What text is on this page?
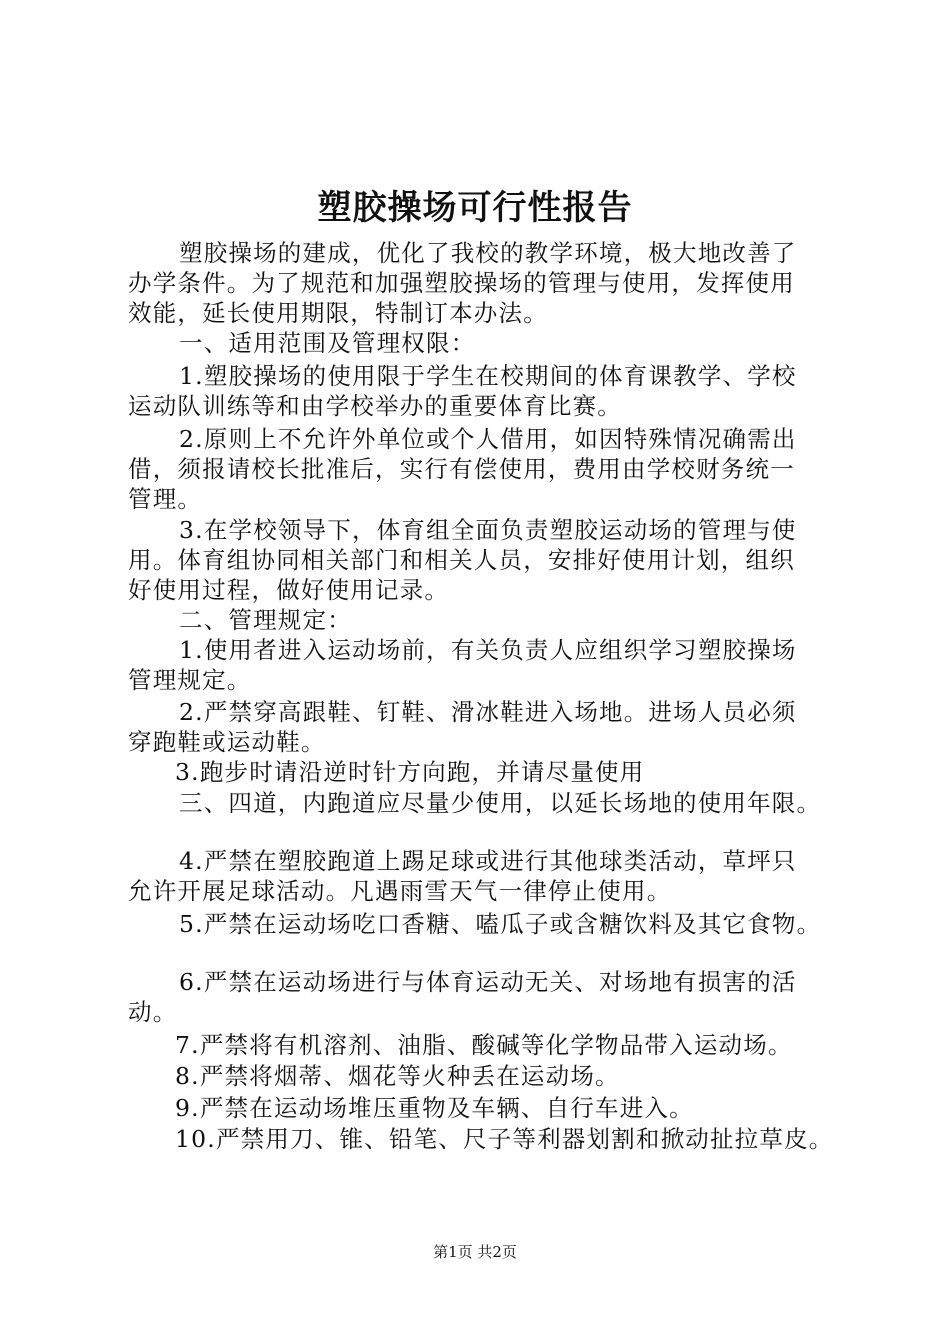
塑胶操场可行性报告
塑胶操场的建成，优化了我校的教学环境，极大地改善了
办学条件。为了规范和加强塑胶操场的管理与使用，发挥使用
效能，延长使用期限，特制订本办法。
一、适用范围及管理权限：
1.塑胶操场的使用限于学生在校期间的体育课教学、学校
运动队训练等和由学校举办的重要体育比赛。
2.原则上不允许外单位或个人借用，如因特殊情况确需出
借，须报请校长批准后，实行有偿使用，费用由学校财务统一
管理。
3.在学校领导下，体育组全面负责塑胶运动场的管理与使
用。体育组协同相关部门和相关人员，安排好使用计划，组织
好使用过程，做好使用记录。
二、管理规定：
1.使用者进入运动场前，有关负责人应组织学习塑胶操场
管理规定。
2.严禁穿高跟鞋、钉鞋、滑冰鞋进入场地。进场人员必须
穿跑鞋或运动鞋。
3.跑步时请沿逆时针方向跑，并请尽量使用
三、四道，内跑道应尽量少使用，以延长场地的使用年限。
4.严禁在塑胶跑道上踢足球或进行其他球类活动，草坪只
允许开展足球活动。凡遇雨雪天气一律停止使用。
5.严禁在运动场吃口香糖、嗑瓜子或含糖饮料及其它食物。
6.严禁在运动场进行与体育运动无关、对场地有损害的活
动。
7.严禁将有机溶剂、油脂、酸碱等化学物品带入运动场。
8.严禁将烟蒂、烟花等火种丢在运动场。
9.严禁在运动场堆压重物及车辆、自行车进入。
10.严禁用刀、锥、铅笔、尺子等利器划割和掀动扯拉草皮。
第1页 共2页
